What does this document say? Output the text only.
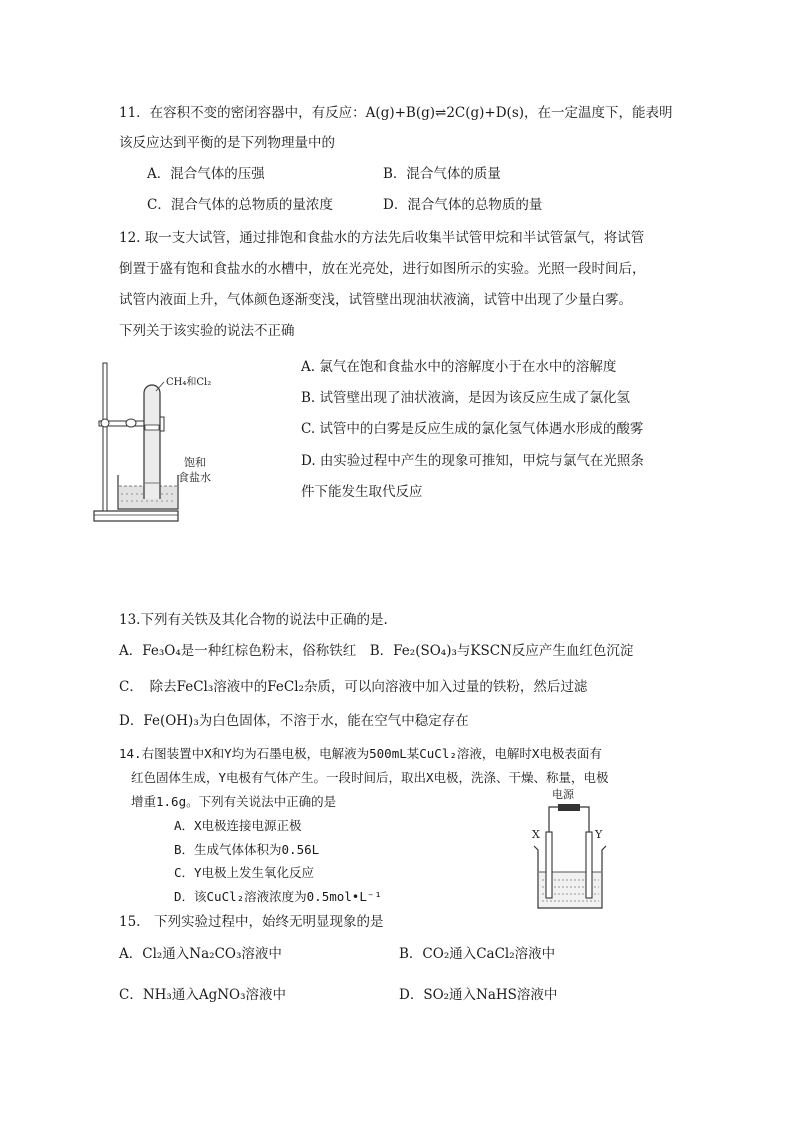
11．在容积不变的密闭容器中，有反应：A(g)+B(g)⇌2C(g)+D(s)，在一定温度下，能表明
该反应达到平衡的是下列物理量中的
A．混合气体的压强	B．混合气体的质量
C．混合气体的总物质的量浓度	D．混合气体的总物质的量
12. 取一支大试管，通过排饱和食盐水的方法先后收集半试管甲烷和半试管氯气，将试管
倒置于盛有饱和食盐水的水槽中，放在光亮处，进行如图所示的实验。光照一段时间后，
试管内液面上升，气体颜色逐渐变浅，试管壁出现油状液滴，试管中出现了少量白雾。
下列关于该实验的说法不正确
CH₄和Cl₂
饱和
食盐水
A. 氯气在饱和食盐水中的溶解度小于在水中的溶解度
B. 试管壁出现了油状液滴，是因为该反应生成了氯化氢
C. 试管中的白雾是反应生成的氯化氢气体遇水形成的酸雾
D. 由实验过程中产生的现象可推知，甲烷与氯气在光照条
件下能发生取代反应
13.下列有关铁及其化合物的说法中正确的是.
A．Fe₃O₄是一种红棕色粉末，俗称铁红　B．Fe₂(SO₄)₃与KSCN反应产生血红色沉淀
C．　除去FeCl₃溶液中的FeCl₂杂质，可以向溶液中加入过量的铁粉，然后过滤
D．Fe(OH)₃为白色固体，不溶于水，能在空气中稳定存在
14.右图装置中X和Y均为石墨电极，电解液为500mL某CuCl₂溶液，电解时X电极表面有
红色固体生成，Y电极有气体产生。一段时间后，取出X电极，洗涤、干燥、称量，电极
增重1.6g。下列有关说法中正确的是
A．X电极连接电源正极
B．生成气体体积为0.56L
C．Y电极上发生氧化反应
D．该CuCl₂溶液浓度为0.5mol•L⁻¹
电源
X	Y
15.　下列实验过程中，始终无明显现象的是
A．Cl₂通入Na₂CO₃溶液中	B．CO₂通入CaCl₂溶液中
C．NH₃通入AgNO₃溶液中	D．SO₂通入NaHS溶液中
